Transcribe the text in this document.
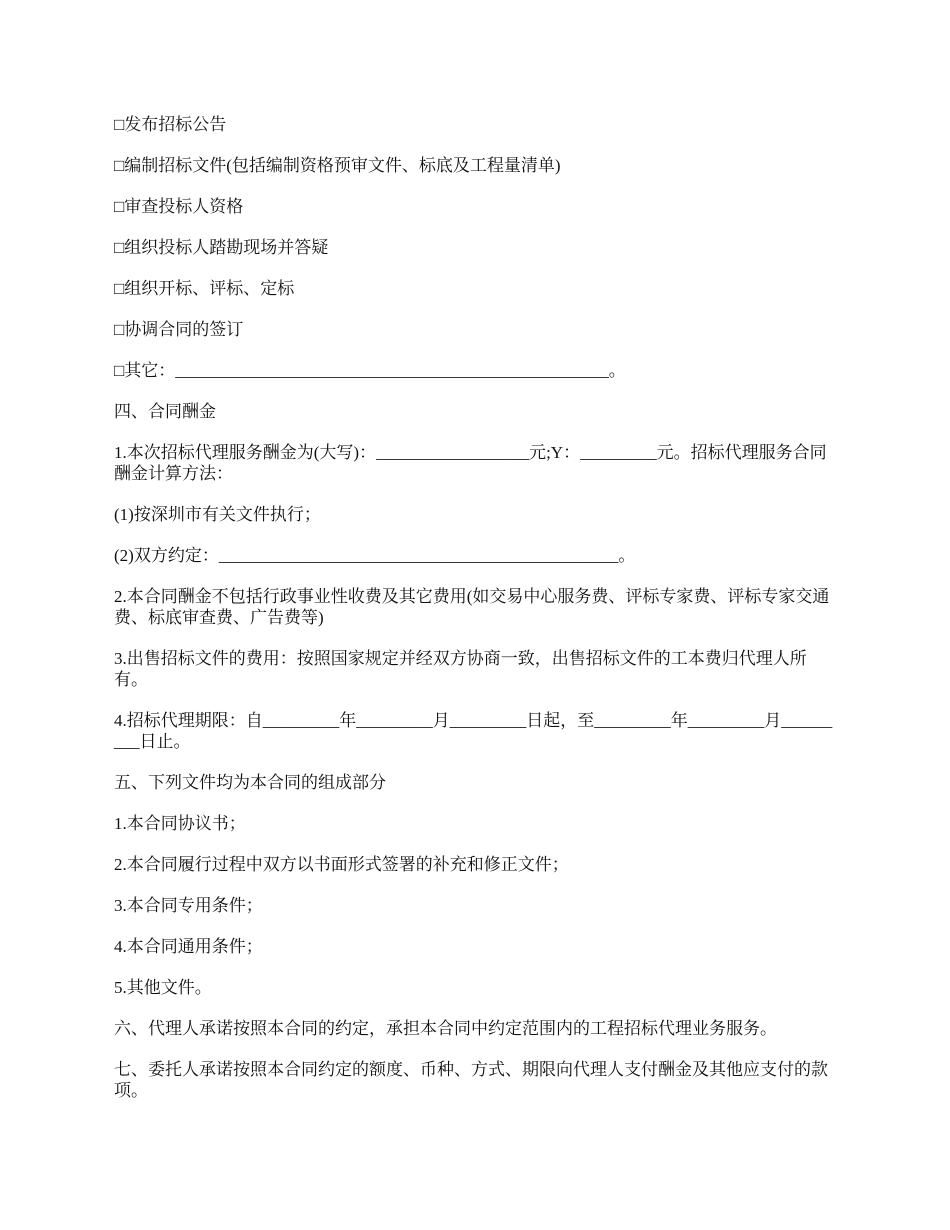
□发布招标公告

□编制招标文件(包括编制资格预审文件、标底及工程量清单)

□审查投标人资格

□组织投标人踏勘现场并答疑

□组织开标、评标、定标

□协调合同的签订

□其它：___________________________________________________。

四、合同酬金

1.本次招标代理服务酬金为(大写)：__________________元;Y：_________元。招标代理服务合同酬金计算方法：

(1)按深圳市有关文件执行；

(2)双方约定：_______________________________________________。

2.本合同酬金不包括行政事业性收费及其它费用(如交易中心服务费、评标专家费、评标专家交通费、标底审查费、广告费等)

3.出售招标文件的费用：按照国家规定并经双方协商一致，出售招标文件的工本费归代理人所有。

4.招标代理期限：自_________年_________月_________日起，至_________年_________月_________日止。

五、下列文件均为本合同的组成部分

1.本合同协议书；

2.本合同履行过程中双方以书面形式签署的补充和修正文件；

3.本合同专用条件；

4.本合同通用条件；

5.其他文件。

六、代理人承诺按照本合同的约定，承担本合同中约定范围内的工程招标代理业务服务。

七、委托人承诺按照本合同约定的额度、币种、方式、期限向代理人支付酬金及其他应支付的款项。
